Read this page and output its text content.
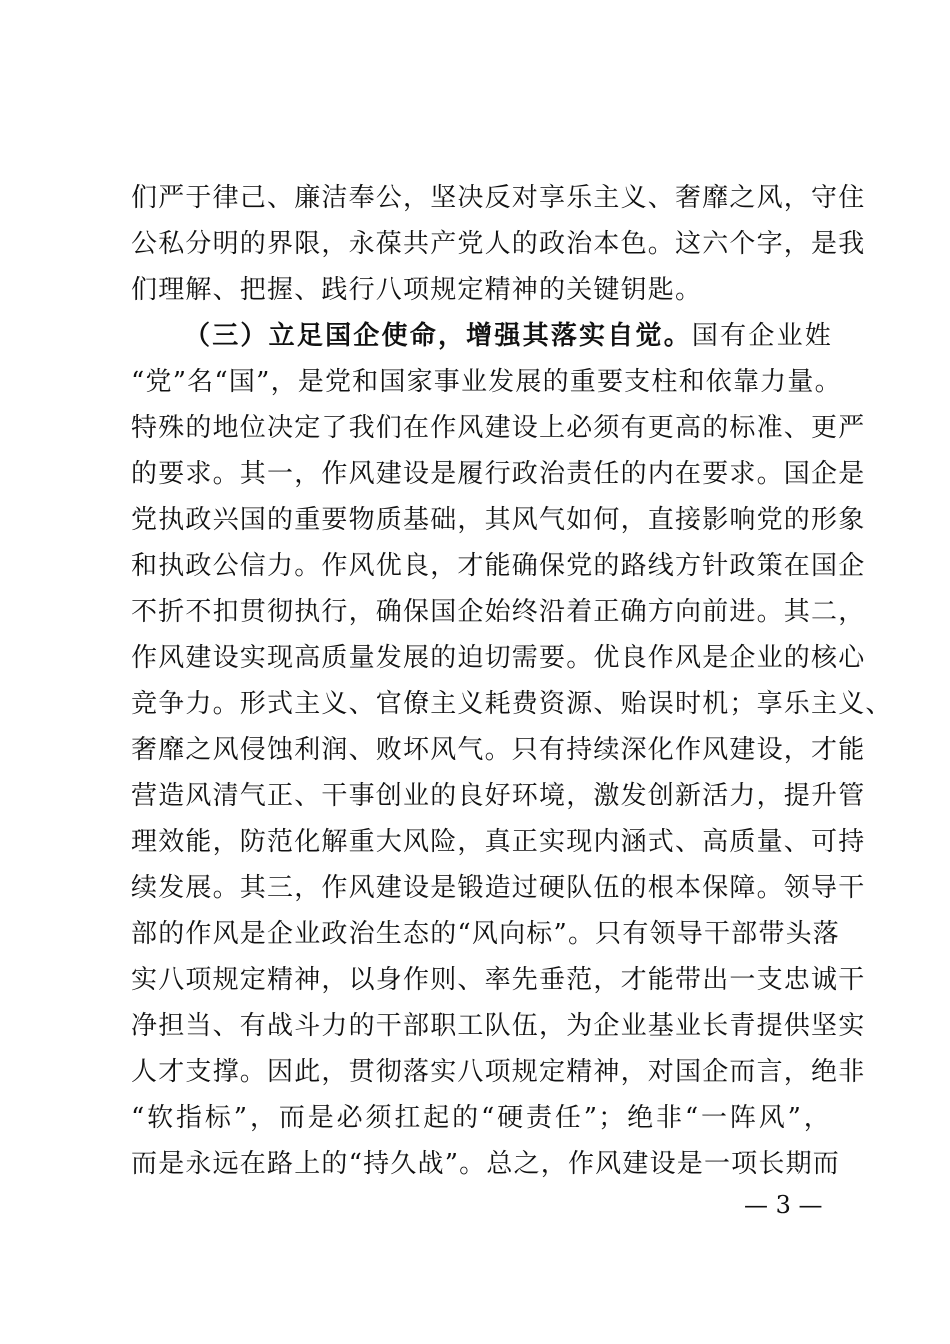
们严于律己、廉洁奉公，坚决反对享乐主义、奢靡之风，守住
公私分明的界限，永葆共产党人的政治本色。这六个字，是我
们理解、把握、践行八项规定精神的关键钥匙。
（三）立足国企使命，增强其落实自觉。国有企业姓
“党”名“国”，是党和国家事业发展的重要支柱和依靠力量。
特殊的地位决定了我们在作风建设上必须有更高的标准、更严
的要求。其一，作风建设是履行政治责任的内在要求。国企是
党执政兴国的重要物质基础，其风气如何，直接影响党的形象
和执政公信力。作风优良，才能确保党的路线方针政策在国企
不折不扣贯彻执行，确保国企始终沿着正确方向前进。其二，
作风建设实现高质量发展的迫切需要。优良作风是企业的核心
竞争力。形式主义、官僚主义耗费资源、贻误时机；享乐主义、
奢靡之风侵蚀利润、败坏风气。只有持续深化作风建设，才能
营造风清气正、干事创业的良好环境，激发创新活力，提升管
理效能，防范化解重大风险，真正实现内涵式、高质量、可持
续发展。其三，作风建设是锻造过硬队伍的根本保障。领导干
部的作风是企业政治生态的“风向标”。只有领导干部带头落
实八项规定精神，以身作则、率先垂范，才能带出一支忠诚干
净担当、有战斗力的干部职工队伍，为企业基业长青提供坚实
人才支撑。因此，贯彻落实八项规定精神，对国企而言，绝非
“软指标”，而是必须扛起的“硬责任”；绝非“一阵风”，
而是永远在路上的“持久战”。总之，作风建设是一项长期而
— 3 —
